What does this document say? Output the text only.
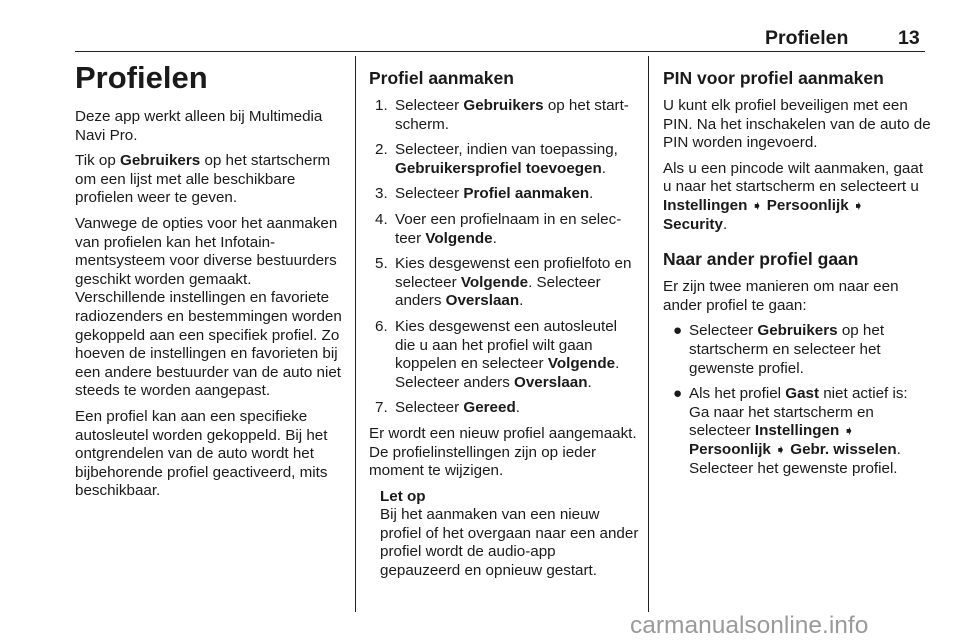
Profielen	13
Profielen

Deze app werkt alleen bij Multimedia Navi Pro.

Tik op Gebruikers op het startscherm om een lijst met alle beschikbare profielen weer te geven.

Vanwege de opties voor het aanmaken van profielen kan het Infotainmentsysteem voor diverse bestuurders geschikt worden gemaakt. Verschillende instellingen en favoriete radiozenders en bestemmingen worden gekoppeld aan een specifiek profiel. Zo hoeven de instellingen en favorieten bij een andere bestuurder van de auto niet steeds te worden aangepast.

Een profiel kan aan een specifieke autosleutel worden gekoppeld. Bij het ontgrendelen van de auto wordt het bijbehorende profiel geactiveerd, mits beschikbaar.

Profiel aanmaken
1. Selecteer Gebruikers op het startscherm.
2. Selecteer, indien van toepassing, Gebruikersprofiel toevoegen.
3. Selecteer Profiel aanmaken.
4. Voer een profielnaam in en selecteer Volgende.
5. Kies desgewenst een profielfoto en selecteer Volgende. Selecteer anders Overslaan.
6. Kies desgewenst een autosleutel die u aan het profiel wilt gaan koppelen en selecteer Volgende. Selecteer anders Overslaan.
7. Selecteer Gereed.

Er wordt een nieuw profiel aangemaakt. De profielinstellingen zijn op ieder moment te wijzigen.

Let op
Bij het aanmaken van een nieuw profiel of het overgaan naar een ander profiel wordt de audio-app gepauzeerd en opnieuw gestart.
PIN voor profiel aanmaken

U kunt elk profiel beveiligen met een PIN. Na het inschakelen van de auto de PIN worden ingevoerd.

Als u een pincode wilt aanmaken, gaat u naar het startscherm en selecteert u Instellingen ➧ Persoonlijk ➧ Security.

Naar ander profiel gaan

Er zijn twee manieren om naar een ander profiel te gaan:

● Selecteer Gebruikers op het startscherm en selecteer het gewenste profiel.
● Als het profiel Gast niet actief is: Ga naar het startscherm en selecteer Instellingen ➧ Persoonlijk ➧ Gebr. wisselen. Selecteer het gewenste profiel.
carmanualsonline.info
